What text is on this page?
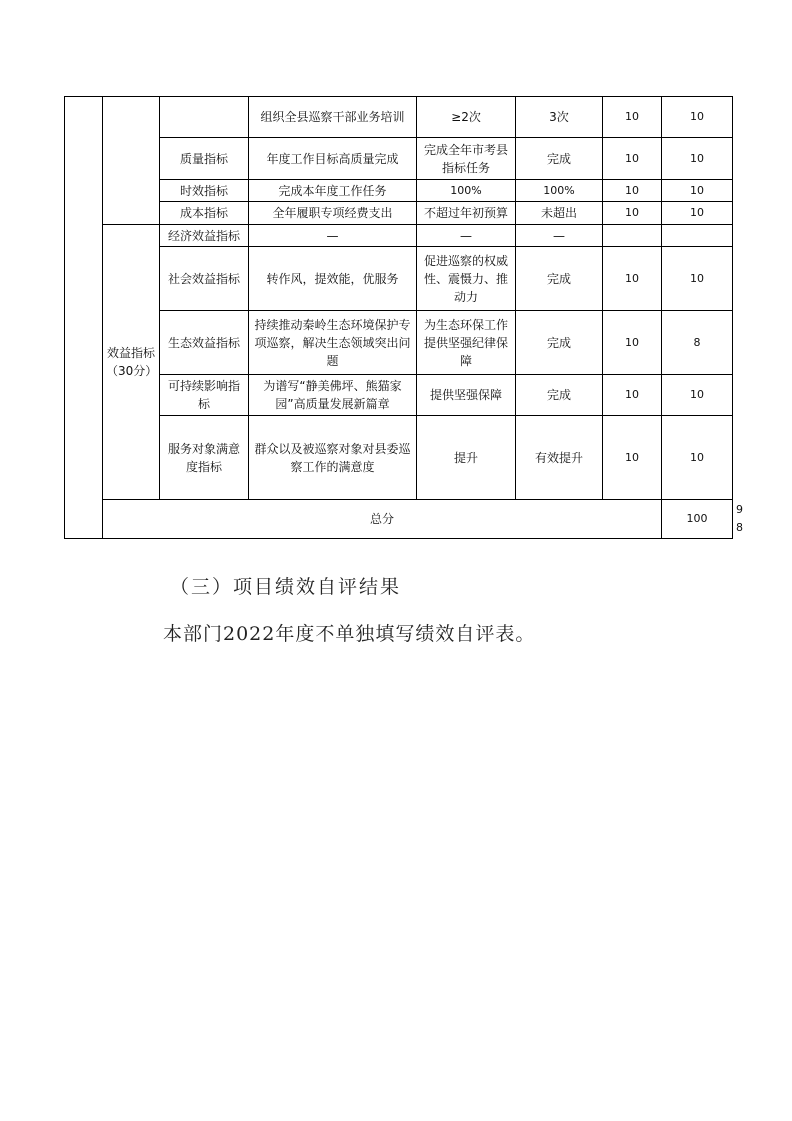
			组织全县巡察干部业务培训	≥2次	3次	10	10	
		质量指标	年度工作目标高质量完成	完成全年市考县指标任务	完成	10	10	
		时效指标	完成本年度工作任务	100%	100%	10	10	
		成本指标	全年履职专项经费支出	不超过年初预算	未超出	10	10	
	效益指标（30分）	经济效益指标	—	—	—			
		社会效益指标	转作风，提效能，优服务	促进巡察的权威性、震慑力、推动力	完成	10	10	
		生态效益指标	持续推动秦岭生态环境保护专项巡察，解决生态领域突出问题	为生态环保工作提供坚强纪律保障	完成	10	8	
		可持续影响指标	为谱写“静美佛坪、熊猫家园”高质量发展新篇章	提供坚强保障	完成	10	10	
		服务对象满意度指标	群众以及被巡察对象对县委巡察工作的满意度	提升	有效提升	10	10	
	总分						100	98
（三）项目绩效自评结果
本部门2022年度不单独填写绩效自评表。
